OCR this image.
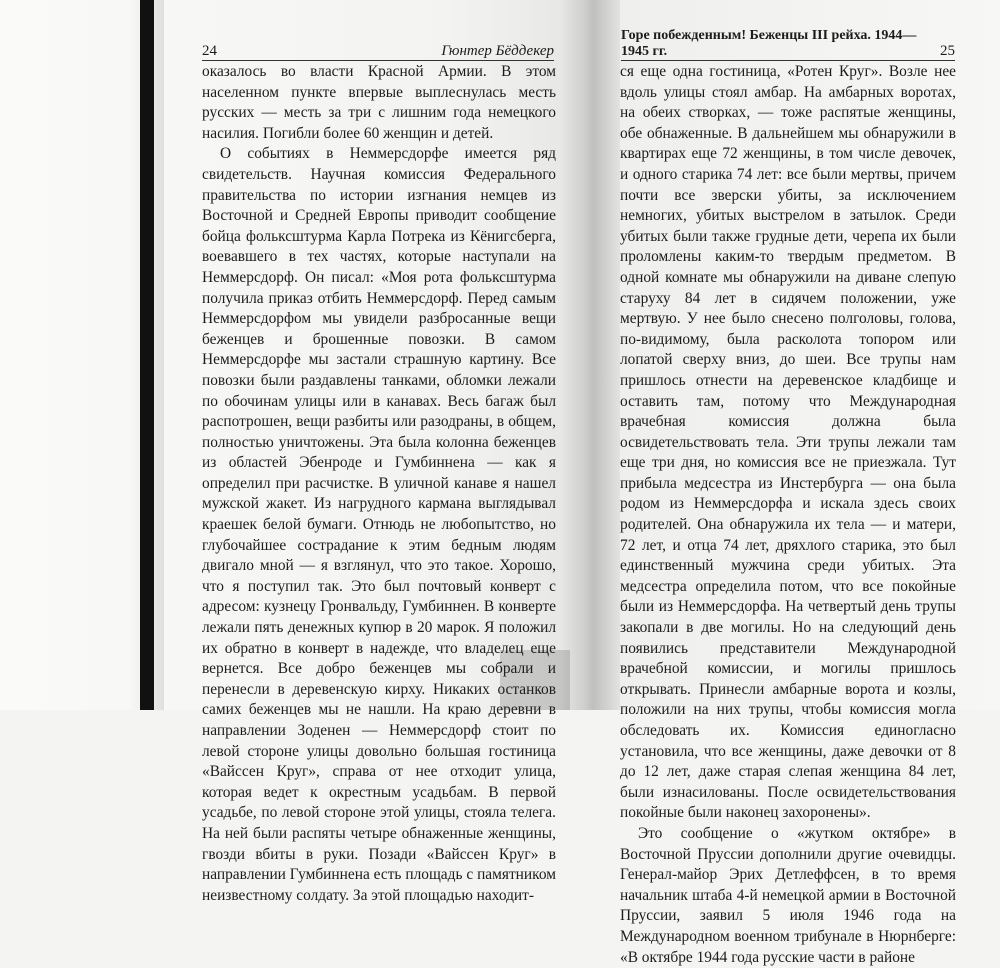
24	Гюнтер Бёддекер

оказалось во власти Красной Армии. В этом населенном пункте впервые выплеснулась месть русских — месть за три с лишним года немецкого насилия. Погибли более 60 женщин и детей.

О событиях в Неммерсдорфе имеется ряд свидетельств. Научная комиссия Федерального правительства по истории изгнания немцев из Восточной и Средней Европы приводит сообщение бойца фольксштурма Карла Потрека из Кёнигсберга, воевавшего в тех частях, которые наступали на Неммерсдорф. Он писал: «Моя рота фольксштурма получила приказ отбить Неммерсдорф. Перед самым Неммерсдорфом мы увидели разбросанные вещи беженцев и брошенные повозки. В самом Неммерсдорфе мы застали страшную картину. Все повозки были раздавлены танками, обломки лежали по обочинам улицы или в канавах. Весь багаж был распотрошен, вещи разбиты или разодраны, в общем, полностью уничтожены. Эта была колонна беженцев из областей Эбенроде и Гумбиннена — как я определил при расчистке. В уличной канаве я нашел мужской жакет. Из нагрудного кармана выглядывал краешек белой бумаги. Отнюдь не любопытство, но глубочайшее сострадание к этим бедным людям двигало мной — я взглянул, что это такое. Хорошо, что я поступил так. Это был почтовый конверт с адресом: кузнецу Гронвальду, Гумбиннен. В конверте лежали пять денежных купюр в 20 марок. Я положил их обратно в конверт в надежде, что владелец еще вернется. Все добро беженцев мы собрали и перенесли в деревенскую кирху. Никаких останков самих беженцев мы не нашли. На краю деревни в направлении Зоденен — Неммерсдорф стоит по левой стороне улицы довольно большая гостиница «Вайссен Круг», справа от нее отходит улица, которая ведет к окрестным усадьбам. В первой усадьбе, по левой стороне этой улицы, стояла телега. На ней были распяты четыре обнаженные женщины, гвозди вбиты в руки. Позади «Вайссен Круг» в направлении Гумбиннена есть площадь с памятником неизвестному солдату. За этой площадью находит-

Горе побежденным! Беженцы III рейха. 1944—1945 гг.	25

ся еще одна гостиница, «Ротен Круг». Возле нее вдоль улицы стоял амбар. На амбарных воротах, на обеих створках, — тоже распятые женщины, обе обнаженные. В дальнейшем мы обнаружили в квартирах еще 72 женщины, в том числе девочек, и одного старика 74 лет: все были мертвы, причем почти все зверски убиты, за исключением немногих, убитых выстрелом в затылок. Среди убитых были также грудные дети, черепа их были проломлены каким-то твердым предметом. В одной комнате мы обнаружили на диване слепую старуху 84 лет в сидячем положении, уже мертвую. У нее было снесено полголовы, голова, по-видимому, была расколота топором или лопатой сверху вниз, до шеи. Все трупы нам пришлось отнести на деревенское кладбище и оставить там, потому что Международная врачебная комиссия должна была освидетельствовать тела. Эти трупы лежали там еще три дня, но комиссия все не приезжала. Тут прибыла медсестра из Инстербурга — она была родом из Неммерсдорфа и искала здесь своих родителей. Она обнаружила их тела — и матери, 72 лет, и отца 74 лет, дряхлого старика, это был единственный мужчина среди убитых. Эта медсестра определила потом, что все покойные были из Неммерсдорфа. На четвертый день трупы закопали в две могилы. Но на следующий день появились представители Международной врачебной комиссии, и могилы пришлось открывать. Принесли амбарные ворота и козлы, положили на них трупы, чтобы комиссия могла обследовать их. Комиссия единогласно установила, что все женщины, даже девочки от 8 до 12 лет, даже старая слепая женщина 84 лет, были изнасилованы. После освидетельствования покойные были наконец захоронены».

Это сообщение о «жутком октябре» в Восточной Пруссии дополнили другие очевидцы. Генерал-майор Эрих Детлеффсен, в то время начальник штаба 4-й немецкой армии в Восточной Пруссии, заявил 5 июля 1946 года на Международном военном трибунале в Нюрнберге: «В октябре 1944 года русские части в районе
